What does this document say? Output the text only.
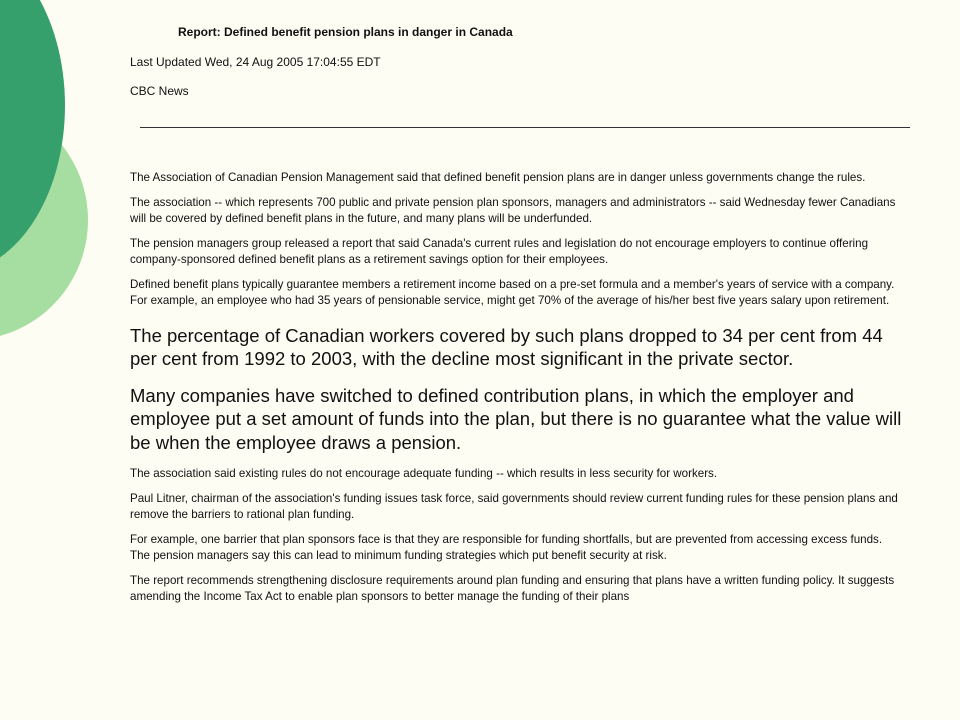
Report: Defined benefit pension plans in danger in Canada
Last Updated Wed, 24 Aug 2005 17:04:55 EDT
CBC News

The Association of Canadian Pension Management said that defined benefit pension plans are in danger unless governments change the rules.

The association -- which represents 700 public and private pension plan sponsors, managers and administrators -- said Wednesday fewer Canadians will be covered by defined benefit plans in the future, and many plans will be underfunded.

The pension managers group released a report that said Canada's current rules and legislation do not encourage employers to continue offering company-sponsored defined benefit plans as a retirement savings option for their employees.

Defined benefit plans typically guarantee members a retirement income based on a pre-set formula and a member's years of service with a company. For example, an employee who had 35 years of pensionable service, might get 70% of the average of his/her best five years salary upon retirement.

The percentage of Canadian workers covered by such plans dropped to 34 per cent from 44 per cent from 1992 to 2003, with the decline most significant in the private sector.

Many companies have switched to defined contribution plans, in which the employer and employee put a set amount of funds into the plan, but there is no guarantee what the value will be when the employee draws a pension.

The association said existing rules do not encourage adequate funding -- which results in less security for workers.

Paul Litner, chairman of the association's funding issues task force, said governments should review current funding rules for these pension plans and remove the barriers to rational plan funding.

For example, one barrier that plan sponsors face is that they are responsible for funding shortfalls, but are prevented from accessing excess funds. The pension managers say this can lead to minimum funding strategies which put benefit security at risk.

The report recommends strengthening disclosure requirements around plan funding and ensuring that plans have a written funding policy. It suggests amending the Income Tax Act to enable plan sponsors to better manage the funding of their plans
